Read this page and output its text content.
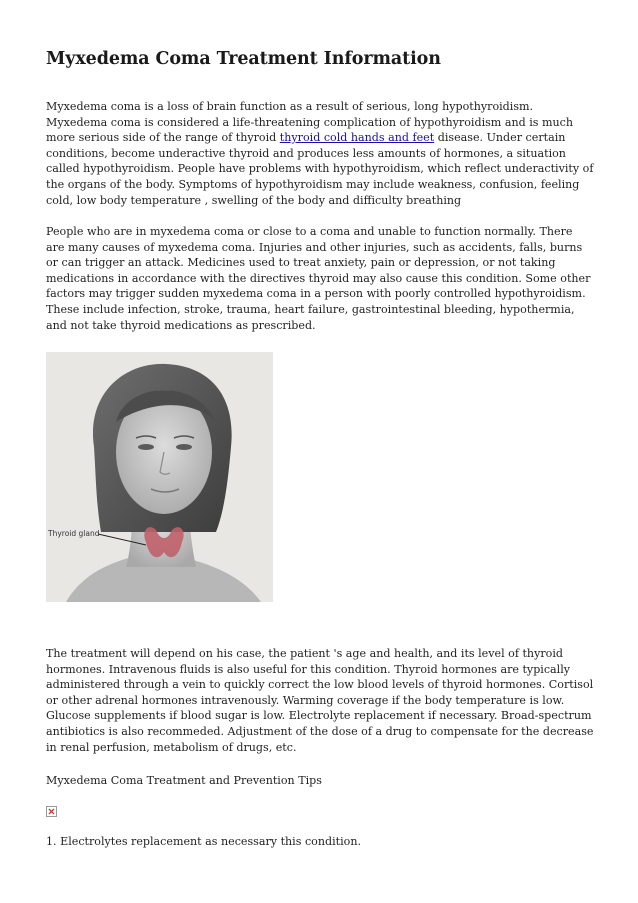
Myxedema Coma Treatment Information

Myxedema coma is a loss of brain function as a result of serious, long hypothyroidism. Myxedema coma is considered a life-threatening complication of hypothyroidism and is much more serious side of the range of thyroid thyroid cold hands and feet disease. Under certain conditions, become underactive thyroid and produces less amounts of hormones, a situation called hypothyroidism. People have problems with hypothyroidism, which reflect underactivity of the organs of the body. Symptoms of hypothyroidism may include weakness, confusion, feeling cold, low body temperature , swelling of the body and difficulty breathing

People who are in myxedema coma or close to a coma and unable to function normally. There are many causes of myxedema coma. Injuries and other injuries, such as accidents, falls, burns or can trigger an attack. Medicines used to treat anxiety, pain or depression, or not taking medications in accordance with the directives thyroid may also cause this condition. Some other factors may trigger sudden myxedema coma in a person with poorly controlled hypothyroidism. These include infection, stroke, trauma, heart failure, gastrointestinal bleeding, hypothermia, and not take thyroid medications as prescribed.

The treatment will depend on his case, the patient 's age and health, and its level of thyroid hormones. Intravenous fluids is also useful for this condition. Thyroid hormones are typically administered through a vein to quickly correct the low blood levels of thyroid hormones. Cortisol or other adrenal hormones intravenously. Warming coverage if the body temperature is low. Glucose supplements if blood sugar is low. Electrolyte replacement if necessary. Broad-spectrum antibiotics is also recommeded. Adjustment of the dose of a drug to compensate for the decrease in renal perfusion, metabolism of drugs, etc.

Myxedema Coma Treatment and Prevention Tips

1. Electrolytes replacement as necessary this condition.

Thyroid gland
